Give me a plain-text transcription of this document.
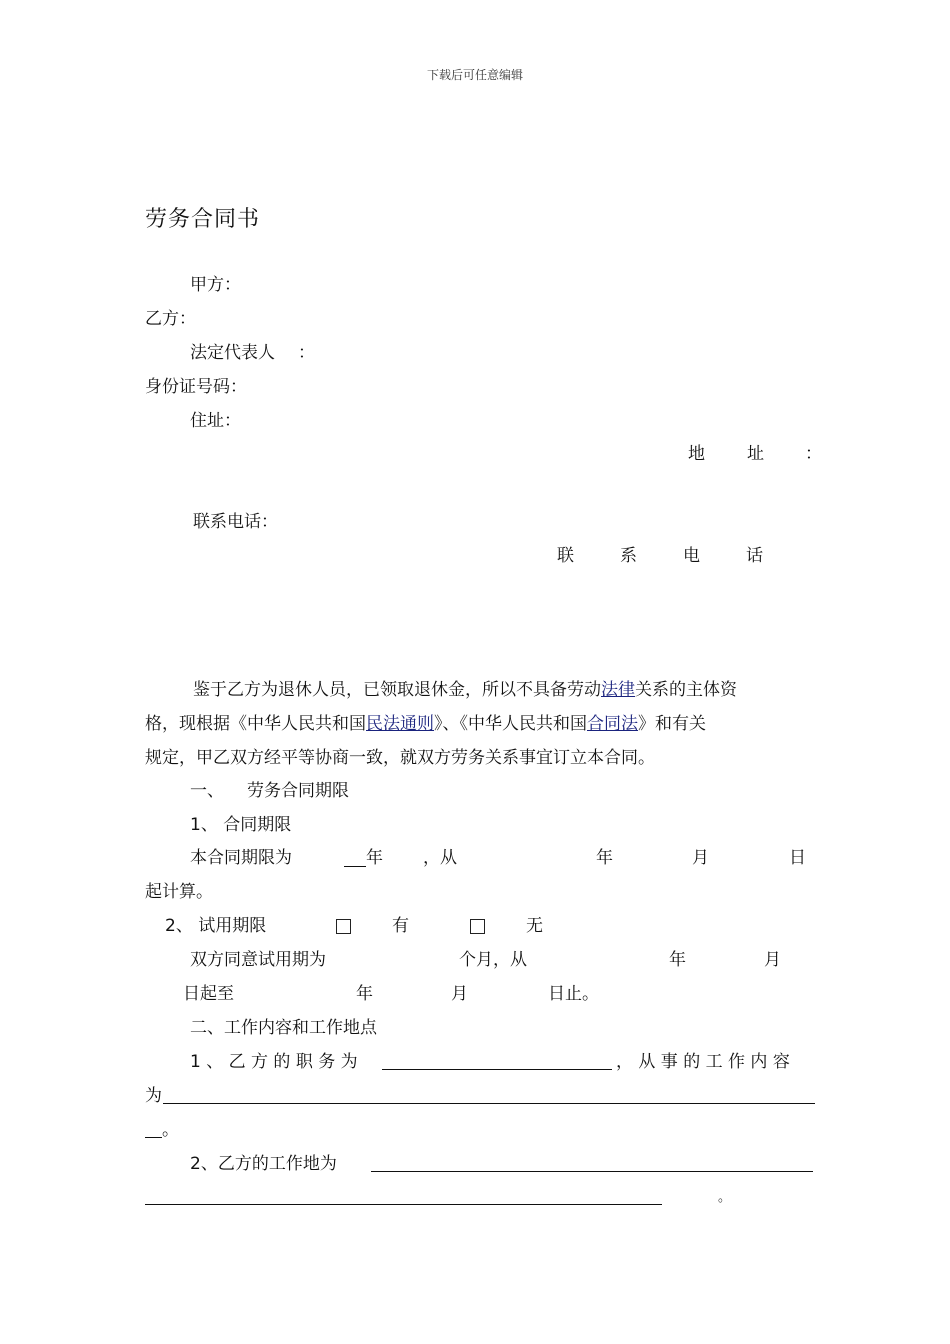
下载后可任意编辑
劳务合同书
甲方：
乙方：
法定代表人 ：
身份证号码：
住址：
地 址 ：
联系电话：
联	系	电	话
鉴于乙方为退休人员，已领取退休金，所以不具备劳动法律关系的主体资
格，现根据《中华人民共和国民法通则》、《中华人民共和国合同法》和有关
规定，甲乙双方经平等协商一致，就双方劳务关系事宜订立本合同。
一、 劳务合同期限
1、 合同期限
本合同期限为	年 ，从	年	月	日
起计算。
2、 试用期限	有	无
双方同意试用期为	个月，从	年	月
日起至	年	月	日止。
二、工作内容和工作地点
1 、 乙 方 的 职 务 为	， 从 事 的 工 作 内 容
为
。
2、乙方的工作地为
。
